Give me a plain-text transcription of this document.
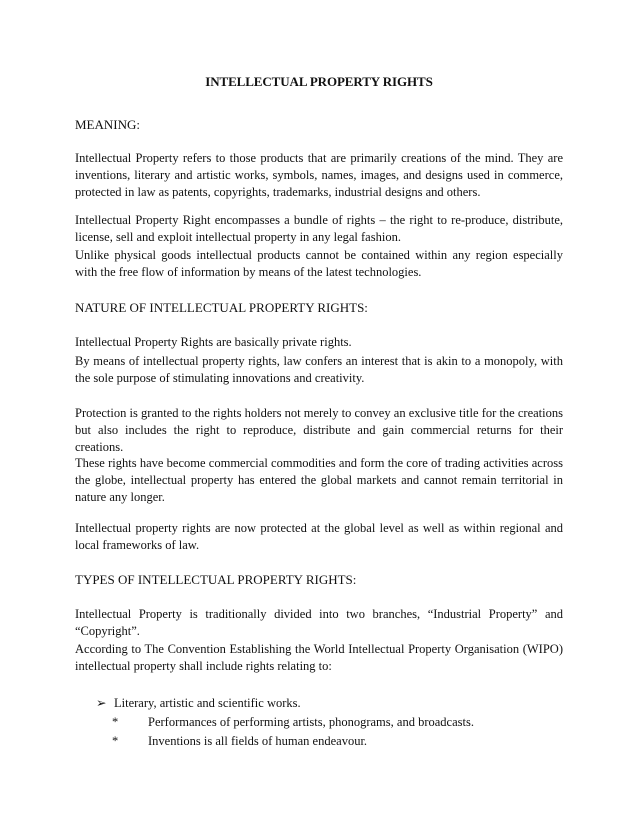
INTELLECTUAL PROPERTY RIGHTS
MEANING:
Intellectual Property refers to those products that are primarily creations of the mind. They are inventions, literary and artistic works, symbols, names, images, and designs used in commerce, protected in law as patents, copyrights, trademarks, industrial designs and others.
Intellectual Property Right encompasses a bundle of rights – the right to re-produce, distribute, license, sell and exploit intellectual property in any legal fashion.
Unlike physical goods intellectual products cannot be contained within any region especially with the free flow of information by means of the latest technologies.
NATURE OF INTELLECTUAL PROPERTY RIGHTS:
Intellectual Property Rights are basically private rights.
By means of intellectual property rights, law confers an interest that is akin to a monopoly, with the sole purpose of stimulating innovations and creativity.
Protection is granted to the rights holders not merely to convey an exclusive title for the creations but also includes the right to reproduce, distribute and gain commercial returns for their creations.
These rights have become commercial commodities and form the core of trading activities across the globe, intellectual property has entered the global markets and cannot remain territorial in nature any longer.
Intellectual property rights are now protected at the global level as well as within regional and local frameworks of law.
TYPES OF INTELLECTUAL PROPERTY RIGHTS:
Intellectual Property is traditionally divided into two branches, “Industrial Property” and “Copyright”.
According to The Convention Establishing the World Intellectual Property Organisation (WIPO) intellectual property shall include rights relating to:
➢ Literary, artistic and scientific works.
* Performances of performing artists, phonograms, and broadcasts.
* Inventions is all fields of human endeavour.
